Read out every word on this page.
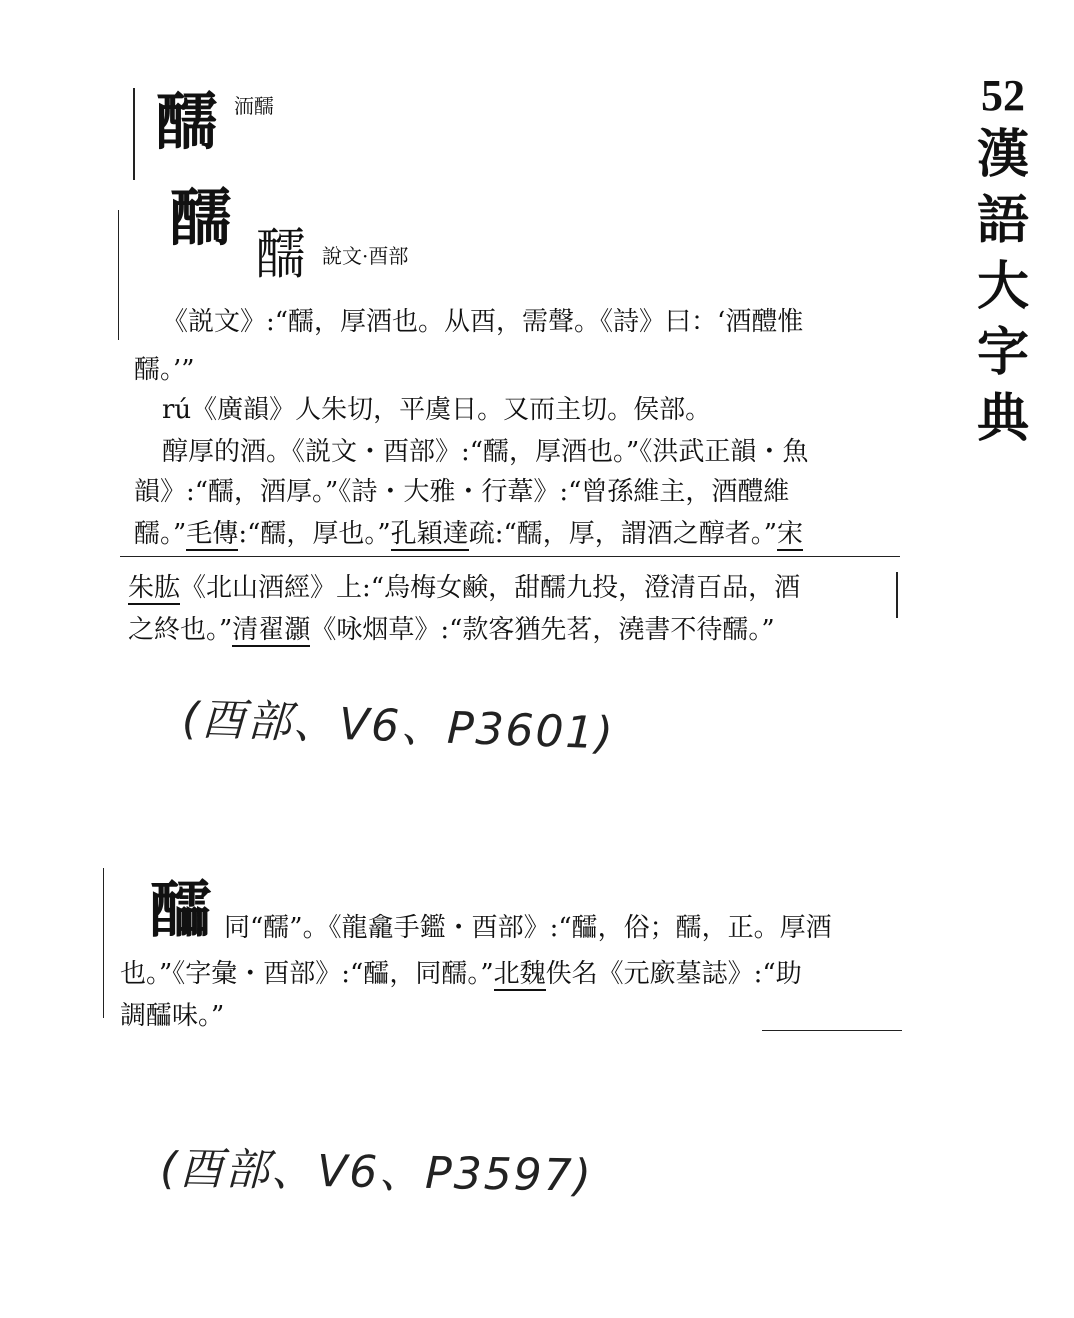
52
漢
語
大
字
典
醹 洏醹
醹
醹 說文·酉部
《説文》:“醹，厚酒也。从酉，需聲。《詩》曰：‘酒醴惟
醹。’”
rú《廣韻》人朱切，平虞日。又而主切。侯部。
醇厚的酒。《説文・酉部》:“醹，厚酒也。”《洪武正韻・魚
韻》:“醹，酒厚。”《詩・大雅・行葦》:“曾孫維主，酒醴維
醹。”毛傳:“醹，厚也。”孔穎達疏:“醹，厚，謂酒之醇者。”宋
朱肱《北山酒經》上:“烏梅女鹸，甜醹九投，澄清百品，酒
之終也。”清翟灝《咏烟草》:“款客猶先茗，澆書不待醹。”
(酉部、V6、P3601)
醽 同“醹”。《龍龕手鑑・酉部》:“醽，俗；醹，正。厚酒
也。”《字彙・酉部》:“醽，同醹。”北魏佚名《元廞墓誌》:“助
調醽味。”
(酉部、V6、P3597)
